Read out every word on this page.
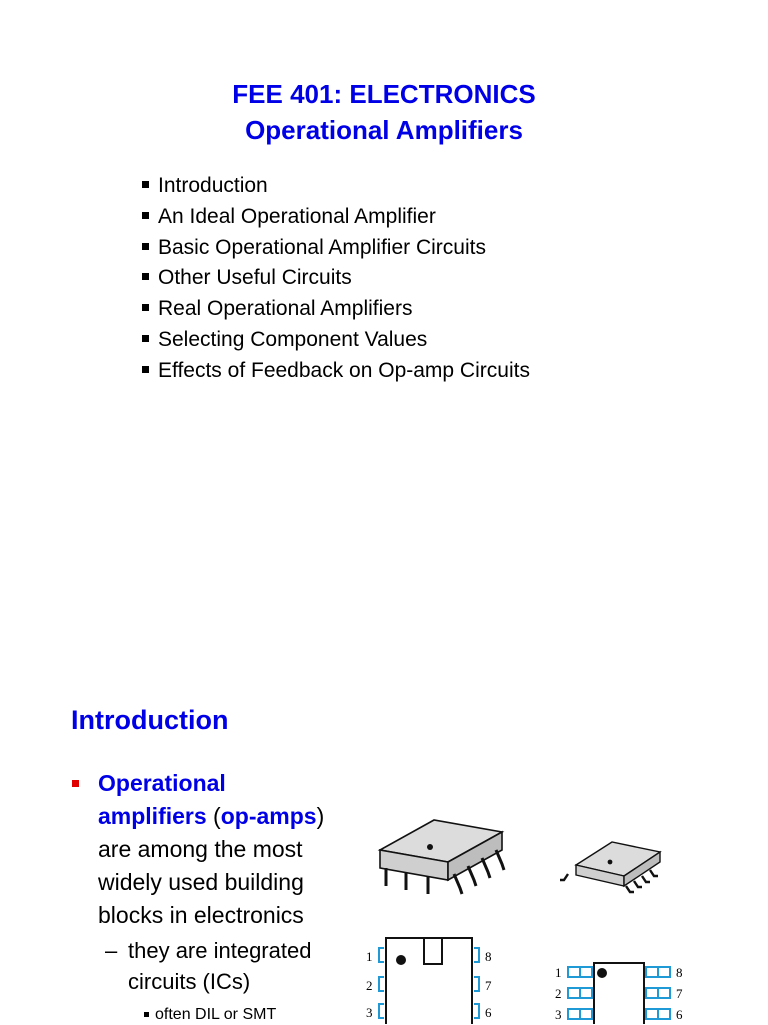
FEE 401: ELECTRONICS
Operational Amplifiers
Introduction
An Ideal Operational Amplifier
Basic Operational Amplifier Circuits
Other Useful Circuits
Real Operational Amplifiers
Selecting Component Values
Effects of Feedback on Op-amp Circuits
Introduction
Operational
amplifiers (op-amps)
are among the most widely used building blocks in electronics
– they are integrated circuits (ICs)
often DIL or SMT
1
2
3
8
7
6
1
2
3
8
7
6
